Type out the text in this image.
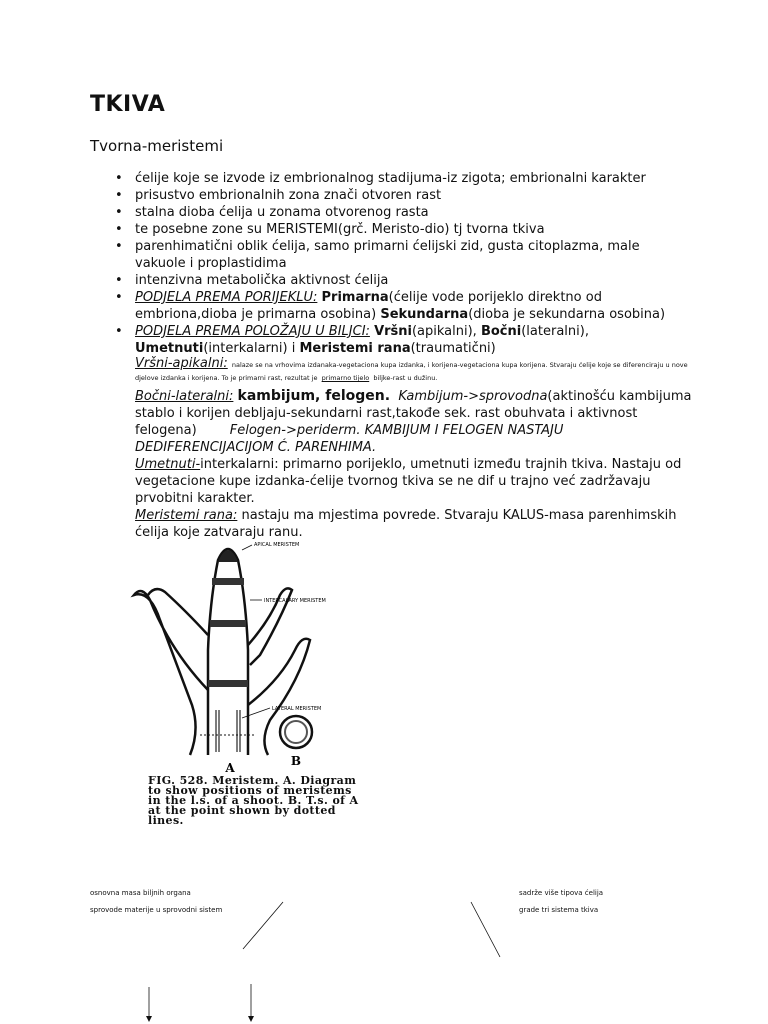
TKIVA
Tvorna-meristemi
• ćelije koje se izvode iz embrionalnog stadijuma-iz zigota; embrionalni karakter
• prisustvo embrionalnih zona znači otvoren rast
• stalna dioba ćelija u zonama otvorenog rasta
• te posebne zone su MERISTEMI(grč. Meristo-dio) tj tvorna tkiva
• parenhimatični oblik ćelija, samo primarni ćelijski zid, gusta citoplazma, male vakuole i proplastidima
• intenzivna metabolička aktivnost ćelija
• PODJELA PREMA PORIJEKLU: Primarna(ćelije vode porijeklo direktno od embriona,dioba je primarna osobina) Sekundarna(dioba je sekundarna osobina)
• PODJELA PREMA POLOŽAJU U BILJCI: Vršni(apikalni), Bočni(lateralni), Umetnuti(interkalarni) i Meristemi rana(traumatični)

Vršni-apikalni: nalaze se na vrhovima izdanaka-vegetaciona kupa izdanka, i korijena-vegetaciona kupa korijena. Stvaraju ćelije koje se diferenciraju u nove djelove izdanka i korijena. To je primarni rast, rezultat je primarno tijelo biljke-rast u dužinu.

Bočni-lateralni: kambijum, felogen. Kambijum->sprovodna(aktinošću kambijuma stablo i korijen debljaju-sekundarni rast,takođe sek. rast obuhvata i aktivnost felogena)	Felogen->periderm. KAMBIJUM I FELOGEN NASTAJU DEDIFERENCIJACIJOM Ć. PARENHIMA.

Umetnuti-interkalarni: primarno porijeklo, umetnuti između trajnih tkiva. Nastaju od vegetacione kupe izdanka-ćelije tvornog tkiva se ne dif u trajno već zadržavaju prvobitni karakter.

Meristemi rana: nastaju ma mjestima povrede. Stvaraju KALUS-masa parenhimskih ćelija koje zatvaraju ranu.

APICAL MERISTEM
INTERCALARY MERISTEM
LATERAL MERISTEM
A	B
FIG. 528. Meristem. A. Diagram to show positions of meristems in the l.s. of a shoot. B. T.s. of A at the point shown by dotted lines.
osnovna masa biljnih organa
sprovode materije u sprovodni sistem
sadrže više tipova ćelija
grade tri sistema tkiva
